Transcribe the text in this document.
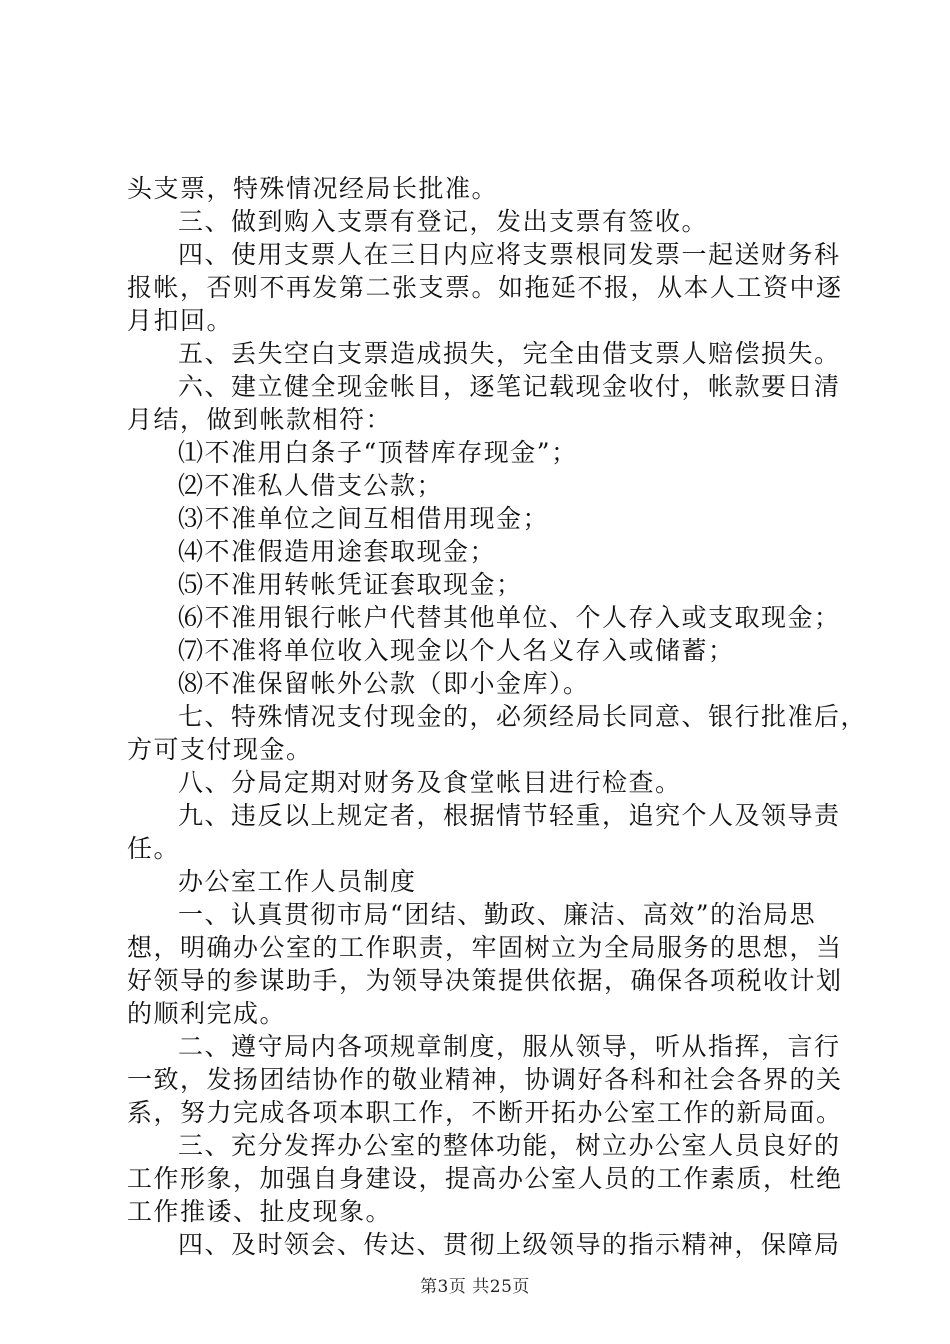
头支票，特殊情况经局长批准。
三、做到购入支票有登记，发出支票有签收。
四、使用支票人在三日内应将支票根同发票一起送财务科
报帐，否则不再发第二张支票。如拖延不报，从本人工资中逐
月扣回。
五、丢失空白支票造成损失，完全由借支票人赔偿损失。
六、建立健全现金帐目，逐笔记载现金收付，帐款要日清
月结，做到帐款相符：
⑴不准用白条子“顶替库存现金”；
⑵不准私人借支公款；
⑶不准单位之间互相借用现金；
⑷不准假造用途套取现金；
⑸不准用转帐凭证套取现金；
⑹不准用银行帐户代替其他单位、个人存入或支取现金；
⑺不准将单位收入现金以个人名义存入或储蓄；
⑻不准保留帐外公款（即小金库）。
七、特殊情况支付现金的，必须经局长同意、银行批准后，
方可支付现金。
八、分局定期对财务及食堂帐目进行检查。
九、违反以上规定者，根据情节轻重，追究个人及领导责
任。
办公室工作人员制度
一、认真贯彻市局“团结、勤政、廉洁、高效”的治局思
想，明确办公室的工作职责，牢固树立为全局服务的思想，当
好领导的参谋助手，为领导决策提供依据，确保各项税收计划
的顺利完成。
二、遵守局内各项规章制度，服从领导，听从指挥，言行
一致，发扬团结协作的敬业精神，协调好各科和社会各界的关
系，努力完成各项本职工作，不断开拓办公室工作的新局面。
三、充分发挥办公室的整体功能，树立办公室人员良好的
工作形象，加强自身建设，提高办公室人员的工作素质，杜绝
工作推诿、扯皮现象。
四、及时领会、传达、贯彻上级领导的指示精神，保障局
第3页 共25页
